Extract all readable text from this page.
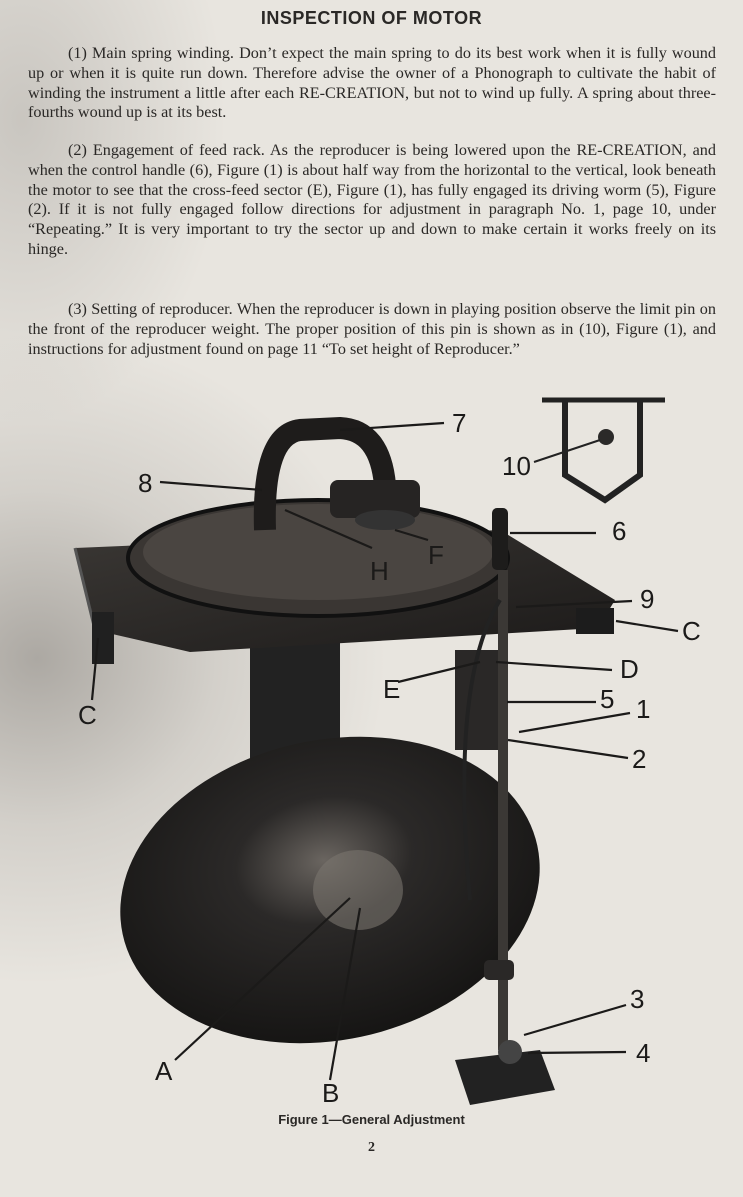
INSPECTION OF MOTOR

(1) Main spring winding. Don’t expect the main spring to do its best work when it is fully wound up or when it is quite run down. Therefore advise the owner of a Phonograph to cultivate the habit of winding the instrument a little after each RE-CREATION, but not to wind up fully. A spring about three-fourths wound up is at its best.

(2) Engagement of feed rack. As the reproducer is being lowered upon the RE-CREATION, and when the control handle (6), Figure (1) is about half way from the horizontal to the vertical, look beneath the motor to see that the cross-feed sector (E), Figure (1), has fully engaged its driving worm (5), Figure (2). If it is not fully engaged follow directions for adjustment in paragraph No. 1, page 10, under “Repeating.” It is very important to try the sector up and down to make certain it works freely on its hinge.

(3) Setting of reproducer. When the reproducer is down in playing position observe the limit pin on the front of the reproducer weight. The proper position of this pin is shown as in (10), Figure (1), and instructions for adjustment found on page 11 “To set height of Reproducer.”

7
8
10
6
H
F
9
C
D
E	5 1
C
2
3
4
A
B
Figure 1—General Adjustment
2
